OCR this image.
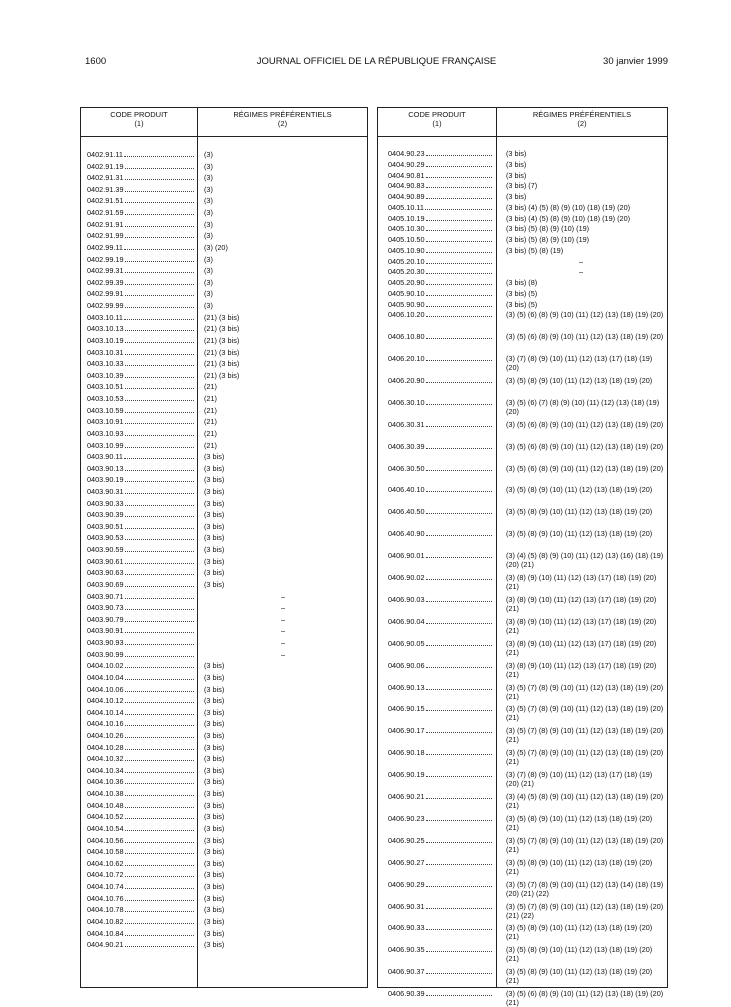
1600	JOURNAL OFFICIEL DE LA RÉPUBLIQUE FRANÇAISE	30 janvier 1999
CODE PRODUIT
(1)
RÉGIMES PRÉFÉRENTIELS
(2)
0402.91.11	(3)
0402.91.19	(3)
0402.91.31	(3)
0402.91.39	(3)
0402.91.51	(3)
0402.91.59	(3)
0402.91.91	(3)
0402.91.99	(3)
0402.99.11	(3) (20)
0402.99.19	(3)
0402.99.31	(3)
0402.99.39	(3)
0402.99.91	(3)
0402.99.99	(3)
0403.10.11	(21) (3 bis)
0403.10.13	(21) (3 bis)
0403.10.19	(21) (3 bis)
0403.10.31	(21) (3 bis)
0403.10.33	(21) (3 bis)
0403.10.39	(21) (3 bis)
0403.10.51	(21)
0403.10.53	(21)
0403.10.59	(21)
0403.10.91	(21)
0403.10.93	(21)
0403.10.99	(21)
0403.90.11	(3 bis)
0403.90.13	(3 bis)
0403.90.19	(3 bis)
0403.90.31	(3 bis)
0403.90.33	(3 bis)
0403.90.39	(3 bis)
0403.90.51	(3 bis)
0403.90.53	(3 bis)
0403.90.59	(3 bis)
0403.90.61	(3 bis)
0403.90.63	(3 bis)
0403.90.69	(3 bis)
0403.90.71	–
0403.90.73	–
0403.90.79	–
0403.90.91	–
0403.90.93	–
0403.90.99	–
0404.10.02	(3 bis)
0404.10.04	(3 bis)
0404.10.06	(3 bis)
0404.10.12	(3 bis)
0404.10.14	(3 bis)
0404.10.16	(3 bis)
0404.10.26	(3 bis)
0404.10.28	(3 bis)
0404.10.32	(3 bis)
0404.10.34	(3 bis)
0404.10.36	(3 bis)
0404.10.38	(3 bis)
0404.10.48	(3 bis)
0404.10.52	(3 bis)
0404.10.54	(3 bis)
0404.10.56	(3 bis)
0404.10.58	(3 bis)
0404.10.62	(3 bis)
0404.10.72	(3 bis)
0404.10.74	(3 bis)
0404.10.76	(3 bis)
0404.10.78	(3 bis)
0404.10.82	(3 bis)
0404.10.84	(3 bis)
0404.90.21	(3 bis)
CODE PRODUIT
(1)
RÉGIMES PRÉFÉRENTIELS
(2)
0404.90.23	(3 bis)
0404.90.29	(3 bis)
0404.90.81	(3 bis)
0404.90.83	(3 bis) (7)
0404.90.89	(3 bis)
0405.10.11	(3 bis) (4) (5) (8) (9) (10) (18) (19) (20)
0405.10.19	(3 bis) (4) (5) (8) (9) (10) (18) (19) (20)
0405.10.30	(3 bis) (5) (8) (9) (10) (19)
0405.10.50	(3 bis) (5) (8) (9) (10) (19)
0405.10.90	(3 bis) (5) (8) (19)
0405.20.10	–
0405.20.30	–
0405.20.90	(3 bis) (8)
0405.90.10	(3 bis) (5)
0405.90.90	(3 bis) (5)
0406.10.20	(3) (5) (6) (8) (9) (10) (11) (12) (13) (18) (19) (20)
0406.10.80	(3) (5) (6) (8) (9) (10) (11) (12) (13) (18) (19) (20)
0406.20.10	(3) (7) (8) (9) (10) (11) (12) (13) (17) (18) (19) (20)
0406.20.90	(3) (5) (8) (9) (10) (11) (12) (13) (18) (19) (20)
0406.30.10	(3) (5) (6) (7) (8) (9) (10) (11) (12) (13) (18) (19) (20)
0406.30.31	(3) (5) (6) (8) (9) (10) (11) (12) (13) (18) (19) (20)
0406.30.39	(3) (5) (6) (8) (9) (10) (11) (12) (13) (18) (19) (20)
0406.30.50	(3) (5) (6) (8) (9) (10) (11) (12) (13) (18) (19) (20)
0406.40.10	(3) (5) (8) (9) (10) (11) (12) (13) (18) (19) (20)
0406.40.50	(3) (5) (8) (9) (10) (11) (12) (13) (18) (19) (20)
0406.40.90	(3) (5) (8) (9) (10) (11) (12) (13) (18) (19) (20)
0406.90.01	(3) (4) (5) (8) (9) (10) (11) (12) (13) (16) (18) (19) (20) (21)
0406.90.02	(3) (8) (9) (10) (11) (12) (13) (17) (18) (19) (20) (21)
0406.90.03	(3) (8) (9) (10) (11) (12) (13) (17) (18) (19) (20) (21)
0406.90.04	(3) (8) (9) (10) (11) (12) (13) (17) (18) (19) (20) (21)
0406.90.05	(3) (8) (9) (10) (11) (12) (13) (17) (18) (19) (20) (21)
0406.90.06	(3) (8) (9) (10) (11) (12) (13) (17) (18) (19) (20) (21)
0406.90.13	(3) (5) (7) (8) (9) (10) (11) (12) (13) (18) (19) (20) (21)
0406.90.15	(3) (5) (7) (8) (9) (10) (11) (12) (13) (18) (19) (20) (21)
0406.90.17	(3) (5) (7) (8) (9) (10) (11) (12) (13) (18) (19) (20) (21)
0406.90.18	(3) (5) (7) (8) (9) (10) (11) (12) (13) (18) (19) (20) (21)
0406.90.19	(3) (7) (8) (9) (10) (11) (12) (13) (17) (18) (19) (20) (21)
0406.90.21	(3) (4) (5) (8) (9) (10) (11) (12) (13) (18) (19) (20) (21)
0406.90.23	(3) (5) (8) (9) (10) (11) (12) (13) (18) (19) (20) (21)
0406.90.25	(3) (5) (7) (8) (9) (10) (11) (12) (13) (18) (19) (20) (21)
0406.90.27	(3) (5) (8) (9) (10) (11) (12) (13) (18) (19) (20) (21)
0406.90.29	(3) (5) (7) (8) (9) (10) (11) (12) (13) (14) (18) (19) (20) (21) (22)
0406.90.31	(3) (5) (7) (8) (9) (10) (11) (12) (13) (18) (19) (20) (21) (22)
0406.90.33	(3) (5) (8) (9) (10) (11) (12) (13) (18) (19) (20) (21)
0406.90.35	(3) (5) (8) (9) (10) (11) (12) (13) (18) (19) (20) (21)
0406.90.37	(3) (5) (8) (9) (10) (11) (12) (13) (18) (19) (20) (21)
0406.90.39	(3) (5) (6) (8) (9) (10) (11) (12) (13) (18) (19) (20) (21)
